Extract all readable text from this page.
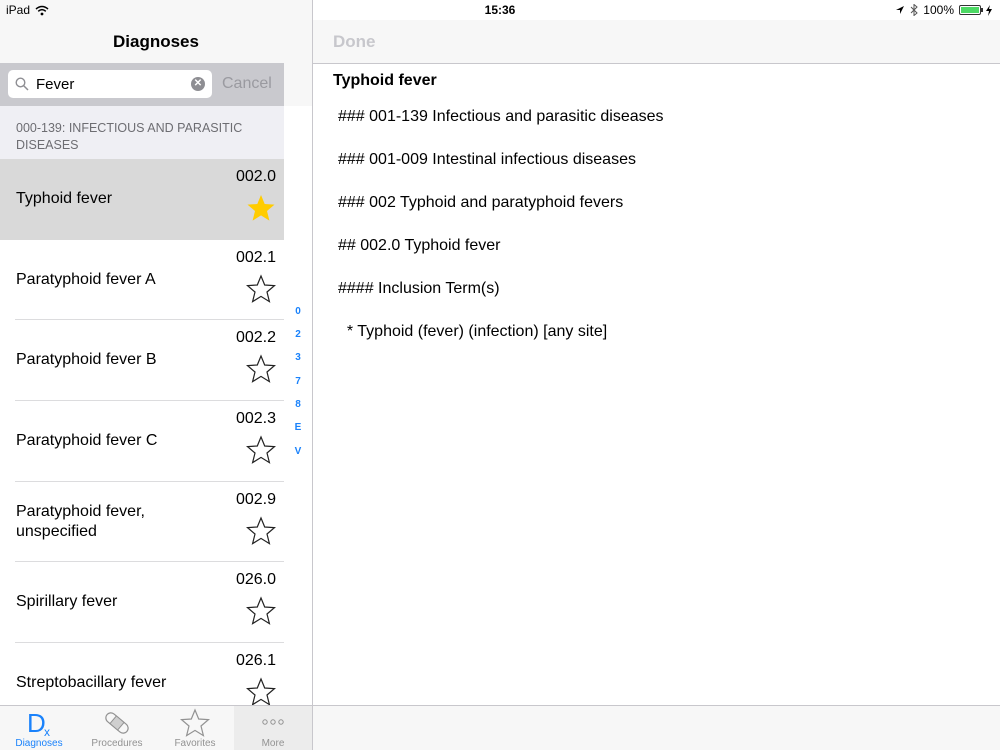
Diagnoses
Fever	✕ Cancel
000-139: INFECTIOUS AND PARASITIC DISEASES
Typhoid fever
002.0
Paratyphoid fever A
002.1
Paratyphoid fever B
002.2
Paratyphoid fever C
002.3
Paratyphoid fever, unspecified
002.9
Spirillary fever
026.0
Streptobacillary fever
026.1
0
2
3
7
8
E
V
D
x
Diagnoses	Procedures	Favorites	More
Done
Typhoid fever
### 001-139 Infectious and parasitic diseases
### 001-009 Intestinal infectious diseases
### 002 Typhoid and paratyphoid fevers
## 002.0 Typhoid fever
#### Inclusion Term(s)
* Typhoid (fever) (infection) [any site]
15:36
iPad	100%
